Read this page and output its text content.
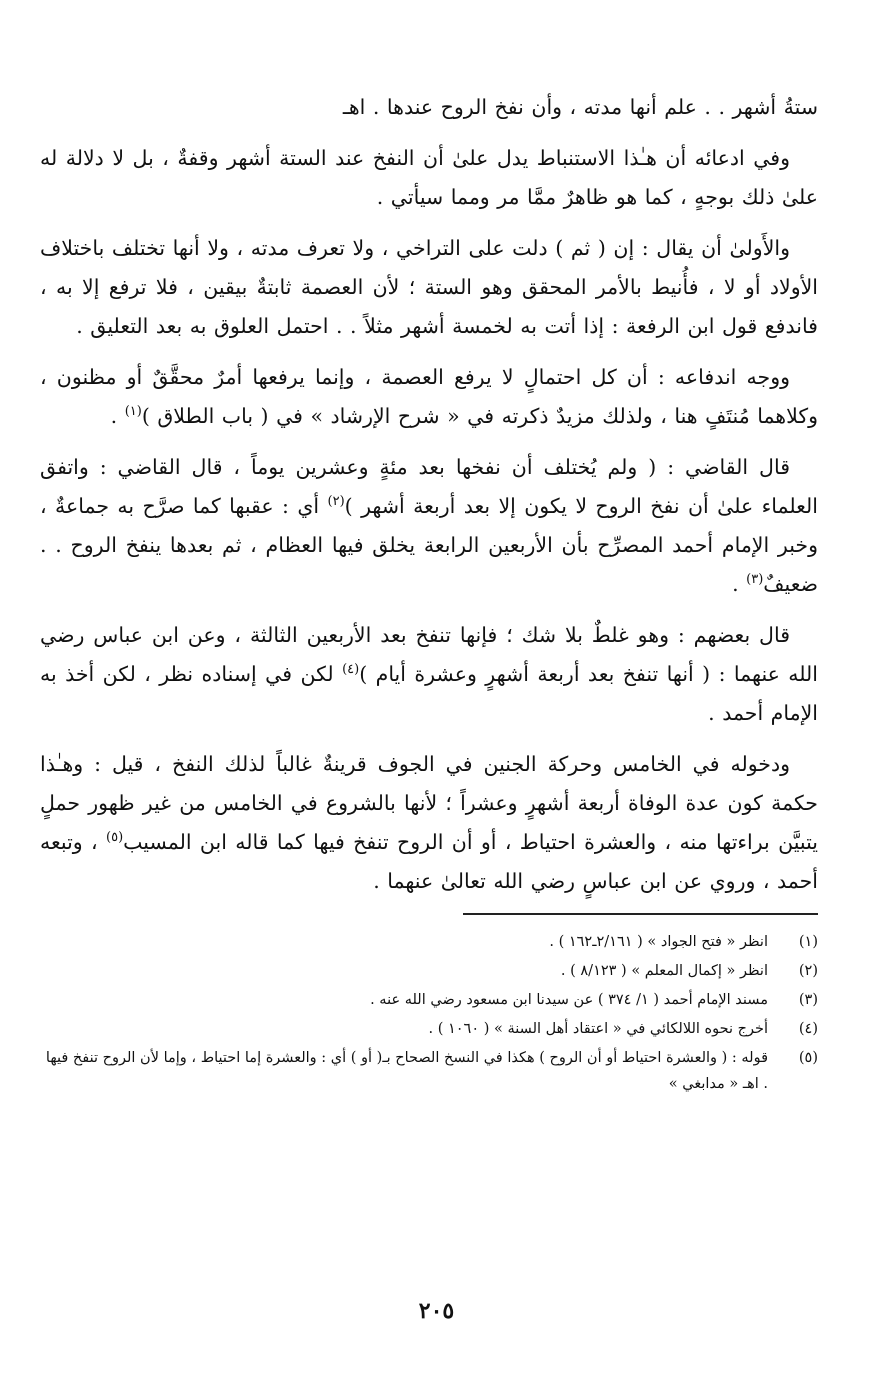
ستةُ أشهر . . علم أنها مدته ، وأن نفخ الروح عندها . اهـ

وفي ادعائه أن هـٰذا الاستنباط يدل علىٰ أن النفخ عند الستة أشهر وقفةٌ ، بل لا دلالة له علىٰ ذلك بوجهٍ ، كما هو ظاهرٌ ممَّا مر ومما سيأتي .

والأَولىٰ أن يقال : إن ( ثم ) دلت على التراخي ، ولا تعرف مدته ، ولا أنها تختلف باختلاف الأولاد أو لا ، فأُنيط بالأمر المحقق وهو الستة ؛ لأن العصمة ثابتةٌ بيقين ، فلا ترفع إلا به ، فاندفع قول ابن الرفعة : إذا أتت به لخمسة أشهر مثلاً . . احتمل العلوق به بعد التعليق .

ووجه اندفاعه : أن كل احتمالٍ لا يرفع العصمة ، وإنما يرفعها أمرٌ محقَّقٌ أو مظنون ، وكلاهما مُنتَفٍ هنا ، ولذلك مزيدٌ ذكرته في « شرح الإرشاد » في ( باب الطلاق )$^{(١)}$ .

قال القاضي : ( ولم يُختلف أن نفخها بعد مئةٍ وعشرين يوماً ، قال القاضي : واتفق العلماء علىٰ أن نفخ الروح لا يكون إلا بعد أربعة أشهر )$^{(٢)}$ أي : عقبها كما صرَّح به جماعةٌ ، وخبر الإمام أحمد المصرِّح بأن الأربعين الرابعة يخلق فيها العظام ، ثم بعدها ينفخ الروح . . ضعيفٌ$^{(٣)}$ .

قال بعضهم : وهو غلطٌ بلا شك ؛ فإنها تنفخ بعد الأربعين الثالثة ، وعن ابن عباس رضي الله عنهما : ( أنها تنفخ بعد أربعة أشهرٍ وعشرة أيام )$^{(٤)}$ لكن في إسناده نظر ، لكن أخذ به الإمام أحمد .

ودخوله في الخامس وحركة الجنين في الجوف قرينةٌ غالباً لذلك النفخ ، قيل : وهـٰذا حكمة كون عدة الوفاة أربعة أشهرٍ وعشراً ؛ لأنها بالشروع في الخامس من غير ظهور حملٍ يتبيَّن براءتها منه ، والعشرة احتياط ، أو أن الروح تنفخ فيها كما قاله ابن المسيب$^{(٥)}$ ، وتبعه أحمد ، وروي عن ابن عباسٍ رضي الله تعالىٰ عنهما .

(١)
انظر « فتح الجواد » ( ٢/١٦١ـ١٦٢ ) .
(٢)
انظر « إكمال المعلم » ( ٨/١٢٣ ) .
(٣)
مسند الإمام أحمد ( ١/ ٣٧٤ ) عن سيدنا ابن مسعود رضي الله عنه .
(٤)
أخرج نحوه اللالكائي في « اعتقاد أهل السنة » ( ١٠٦٠ ) .
(٥)
قوله : ( والعشرة احتياط أو أن الروح ) هكذا في النسخ الصحاح بـ( أو ) أي : والعشرة إما احتياط ، وإما لأن الروح تنفخ فيها . اهـ « مدابغي »
٢٠٥
